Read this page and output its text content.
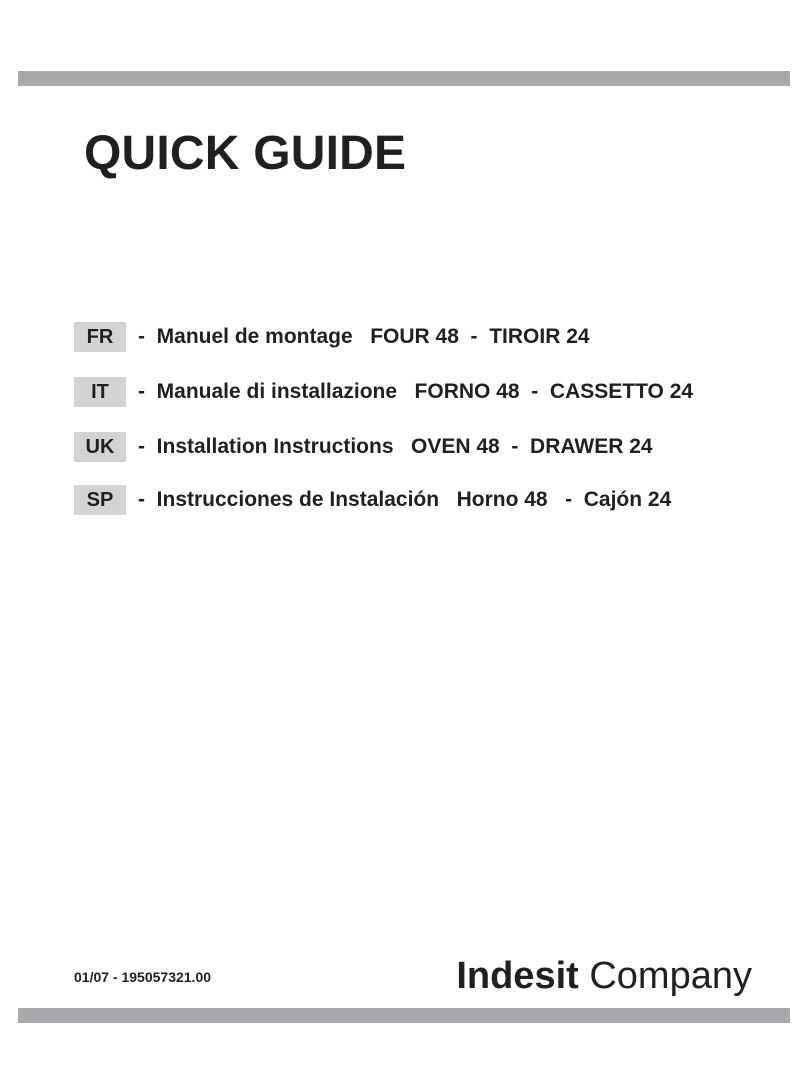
QUICK GUIDE
FR	-  Manuel de montage   FOUR 48  -  TIROIR 24
IT	-  Manuale di installazione   FORNO 48  -  CASSETTO 24
UK	-  Installation Instructions   OVEN 48  -  DRAWER 24
SP	-  Instrucciones de Instalación   Horno 48   -  Cajón 24
01/07 - 195057321.00	Indesit Company
